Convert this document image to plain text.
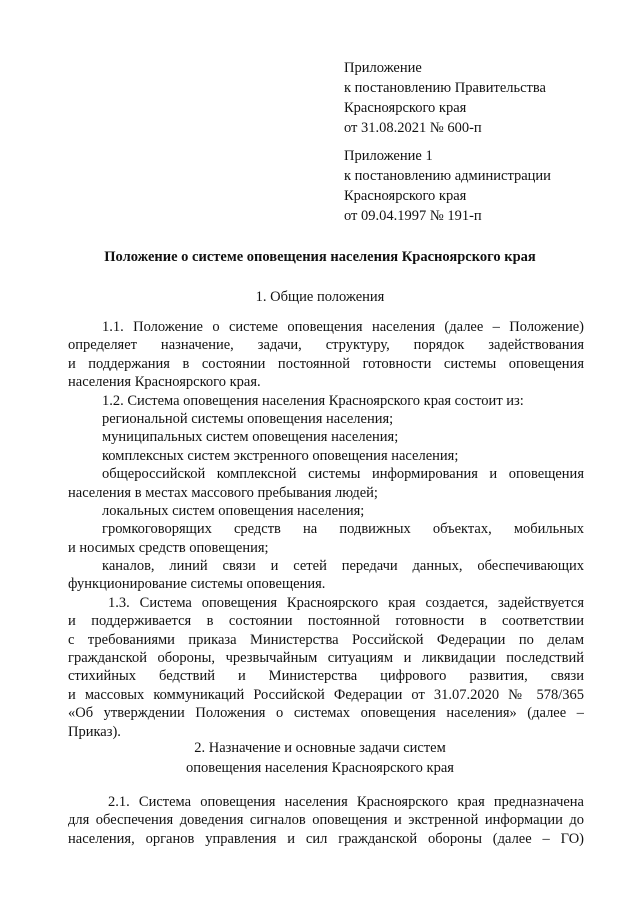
Приложение
к постановлению Правительства
Красноярского края
от 31.08.2021 № 600-п
Приложение 1
к постановлению администрации
Красноярского края
от 09.04.1997 № 191-п
Положение о системе оповещения населения Красноярского края
1. Общие положения
1.1. Положение о системе оповещения населения (далее – Положение)
определяет назначение, задачи, структуру, порядок задействования
и поддержания в состоянии постоянной готовности системы оповещения
населения Красноярского края.
1.2. Система оповещения населения Красноярского края состоит из:
региональной системы оповещения населения;
муниципальных систем оповещения населения;
комплексных систем экстренного оповещения населения;
общероссийской комплексной системы информирования и оповещения
населения в местах массового пребывания людей;
локальных систем оповещения населения;
громкоговорящих средств на подвижных объектах, мобильных
и носимых средств оповещения;
каналов, линий связи и сетей передачи данных, обеспечивающих
функционирование системы оповещения.
1.3. Система оповещения Красноярского края создается, задействуется
и поддерживается в состоянии постоянной готовности в соответствии
с требованиями приказа Министерства Российской Федерации по делам
гражданской обороны, чрезвычайным ситуациям и ликвидации последствий
стихийных бедствий и Министерства цифрового развития, связи
и массовых коммуникаций Российской Федерации от 31.07.2020 № 578/365
«Об утверждении Положения о системах оповещения населения» (далее –
Приказ).
2. Назначение и основные задачи систем
оповещения населения Красноярского края
2.1. Система оповещения населения Красноярского края предназначена
для обеспечения доведения сигналов оповещения и экстренной информации до
населения, органов управления и сил гражданской обороны (далее – ГО)
